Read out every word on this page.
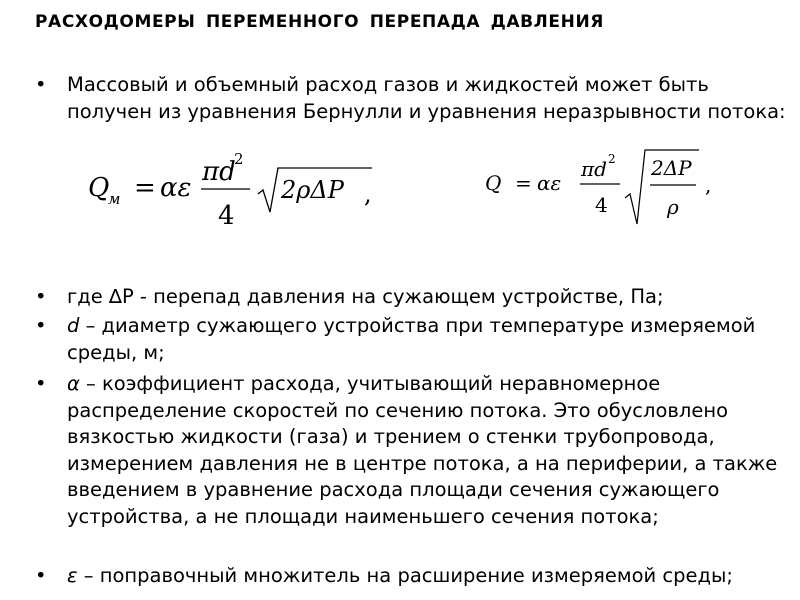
РАСХОДОМЕРЫ ПЕРЕМЕННОГО ПЕРЕПАДА ДАВЛЕНИЯ
• Массовый и объемный расход газов и жидкостей может быть получен из уравнения Бернулли и уравнения неразрывности потока:
Q
м = αε
πd
2
4
2ρΔP ,	Q = αε
πd 2
4
2ΔP
ρ
,
• где ∆P - перепад давления на сужающем устройстве, Па;
• d – диаметр сужающего устройства при температуре измеряемой среды, м;
• α – коэффициент расхода, учитывающий неравномерное распределение скоростей по сечению потока. Это обусловлено вязкостью жидкости (газа) и трением о стенки трубопровода, измерением давления не в центре потока, а на периферии, а также введением в уравнение расхода площади сечения сужающего устройства, а не площади наименьшего сечения потока;
• ε – поправочный множитель на расширение измеряемой среды;
